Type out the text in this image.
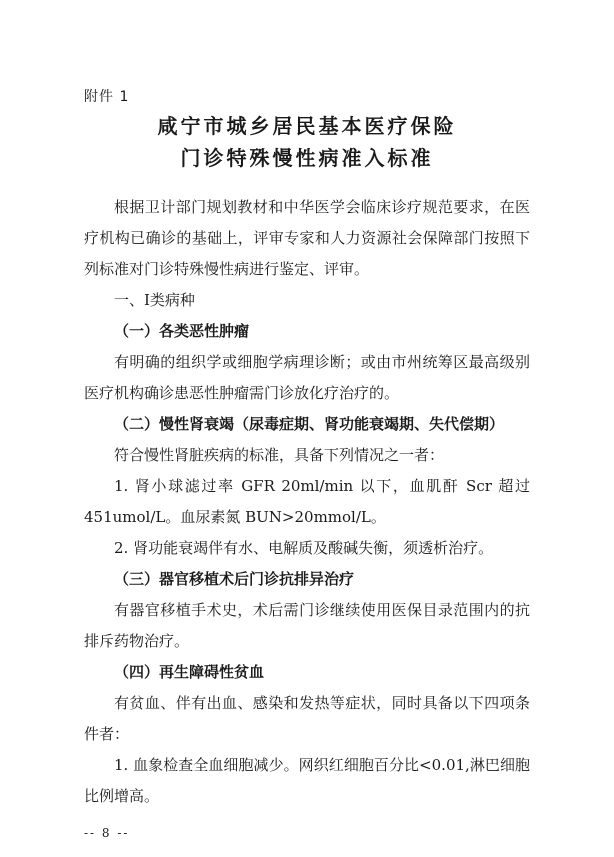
附件 1
咸宁市城乡居民基本医疗保险
门诊特殊慢性病准入标准

根据卫计部门规划教材和中华医学会临床诊疗规范要求，在医疗机构已确诊的基础上，评审专家和人力资源社会保障部门按照下列标准对门诊特殊慢性病进行鉴定、评审。

一、Ⅰ类病种

（一）各类恶性肿瘤

有明确的组织学或细胞学病理诊断；或由市州统筹区最高级别医疗机构确诊患恶性肿瘤需门诊放化疗治疗的。

（二）慢性肾衰竭（尿毒症期、肾功能衰竭期、失代偿期）

符合慢性肾脏疾病的标准，具备下列情况之一者：

1. 肾小球滤过率 GFR 20ml/min 以下，血肌酐 Scr 超过 451umol/L。血尿素氮 BUN>20mmol/L。

2. 肾功能衰竭伴有水、电解质及酸碱失衡，须透析治疗。

（三）器官移植术后门诊抗排异治疗

有器官移植手术史，术后需门诊继续使用医保目录范围内的抗排斥药物治疗。

（四）再生障碍性贫血

有贫血、伴有出血、感染和发热等症状，同时具备以下四项条件者：

1. 血象检查全血细胞减少。网织红细胞百分比<0.01,淋巴细胞比例增高。

-- 8 --
